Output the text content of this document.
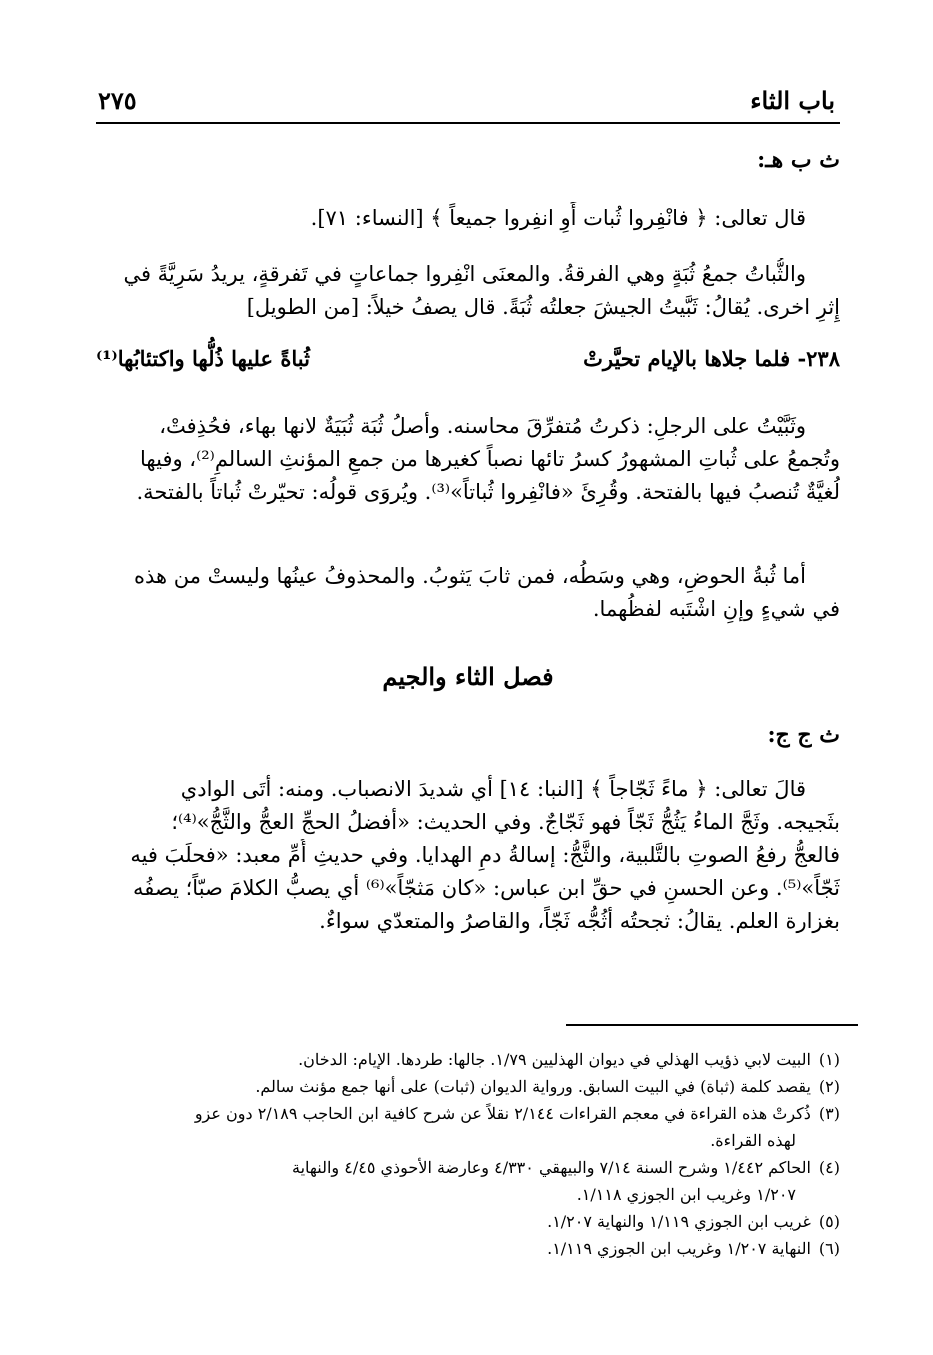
باب الثاء
٢٧٥
ث ب هـ:
قال تعالى: ﴿ فانْفِروا ثُبات أَوِ انفِروا جميعاً ﴾ [النساء: ٧١].
والثُّباتُ جمعُ ثُبَةٍ وهي الفرقةُ. والمعنَى انْفِروا جماعاتٍ في تَفرقةٍ، يريدُ سَرِيَّةً في
إِثرِ اخرى. يُقالُ: ثَبَّيتُ الجيشَ جعلتُه ثُبَةً. قال يصفُ خيلاً: [من الطويل]
٢٣٨- فلما جلاها بالإيام تحيَّرتْ
ثُباةً عليها ذُلُّها واكتئابُها⁽¹⁾
وثَبَّيْتُ على الرجلِ: ذكرتُ مُتفرِّقَ محاسنه. وأصلُ ثُبَة ثُبَيَةٌ لانها بهاء، فحُذِفتْ،
وتُجمعُ على ثُباتِ المشهورُ كسرُ تائها نصباً كغيرها من جمعِ المؤنثِ السالمِ⁽²⁾، وفيها
لُغيَّةٌ تُنصبُ فيها بالفتحة. وقُرِئَ «فانْفِروا ثُباتاً»⁽³⁾. ويُروَى قولُه: تحيّرتْ ثُباتاً بالفتحة.
أما ثُبةُ الحوضِ، وهي وسَطُه، فمن ثابَ يَثوبُ. والمحذوفُ عينُها وليستْ من هذه
في شيءٍ وإنِ اشْتَبه لفظُهما.
فصل الثاء والجيم
ث ج ج:
قالَ تعالى: ﴿ ماءً ثَجّاجاً ﴾ [النبا: ١٤] أي شديدَ الانصباب. ومنه: أتَى الوادي
بثَجيجه. وثَجَّ الماءُ يَثُجُّ ثَجّاً فهو ثَجّاجٌ. وفي الحديث: «أفضلُ الحجِّ العجُّ والثَّجُّ»⁽⁴⁾؛
فالعجُّ رفعُ الصوتِ بالتَّلبية، والثَّجُّ: إسالةُ دمِ الهدايا. وفي حديثِ أُمِّ معبد: «فحلَبَ فيه
ثَجّاً»⁽⁵⁾. وعن الحسنِ في حقِّ ابن عباس: «كان مَثجّاً»⁽⁶⁾ أي يصبُّ الكلامَ صبّاً؛ يصفُه
بغزارة العلم. يقالُ: ثجحتُه أثُجُّه ثَجّاً، والقاصرُ والمتعدّي سواءٌ.
(١)
البيت لابي ذؤيب الهذلي في ديوان الهذليين ١/٧٩. جالها: طردها. الإيام: الدخان.
(٢)
يقصد كلمة (ثباة) في البيت السابق. ورواية الديوان (ثبات) على أنها جمع مؤنث سالم.
(٣)
ذُكرتْ هذه القراءة في معجم القراءات ٢/١٤٤ نقلاً عن شرح كافية ابن الحاجب ٢/١٨٩ دون عزو
لهذه القراءة.
(٤)
الحاكم ١/٤٤٢ وشرح السنة ٧/١٤ والبيهقي ٤/٣٣٠ وعارضة الأحوذي ٤/٤٥ والنهاية
١/٢٠٧ وغريب ابن الجوزي ١/١١٨.
(٥)
غريب ابن الجوزي ١/١١٩ والنهاية ١/٢٠٧.
(٦)
النهاية ١/٢٠٧ وغريب ابن الجوزي ١/١١٩.
